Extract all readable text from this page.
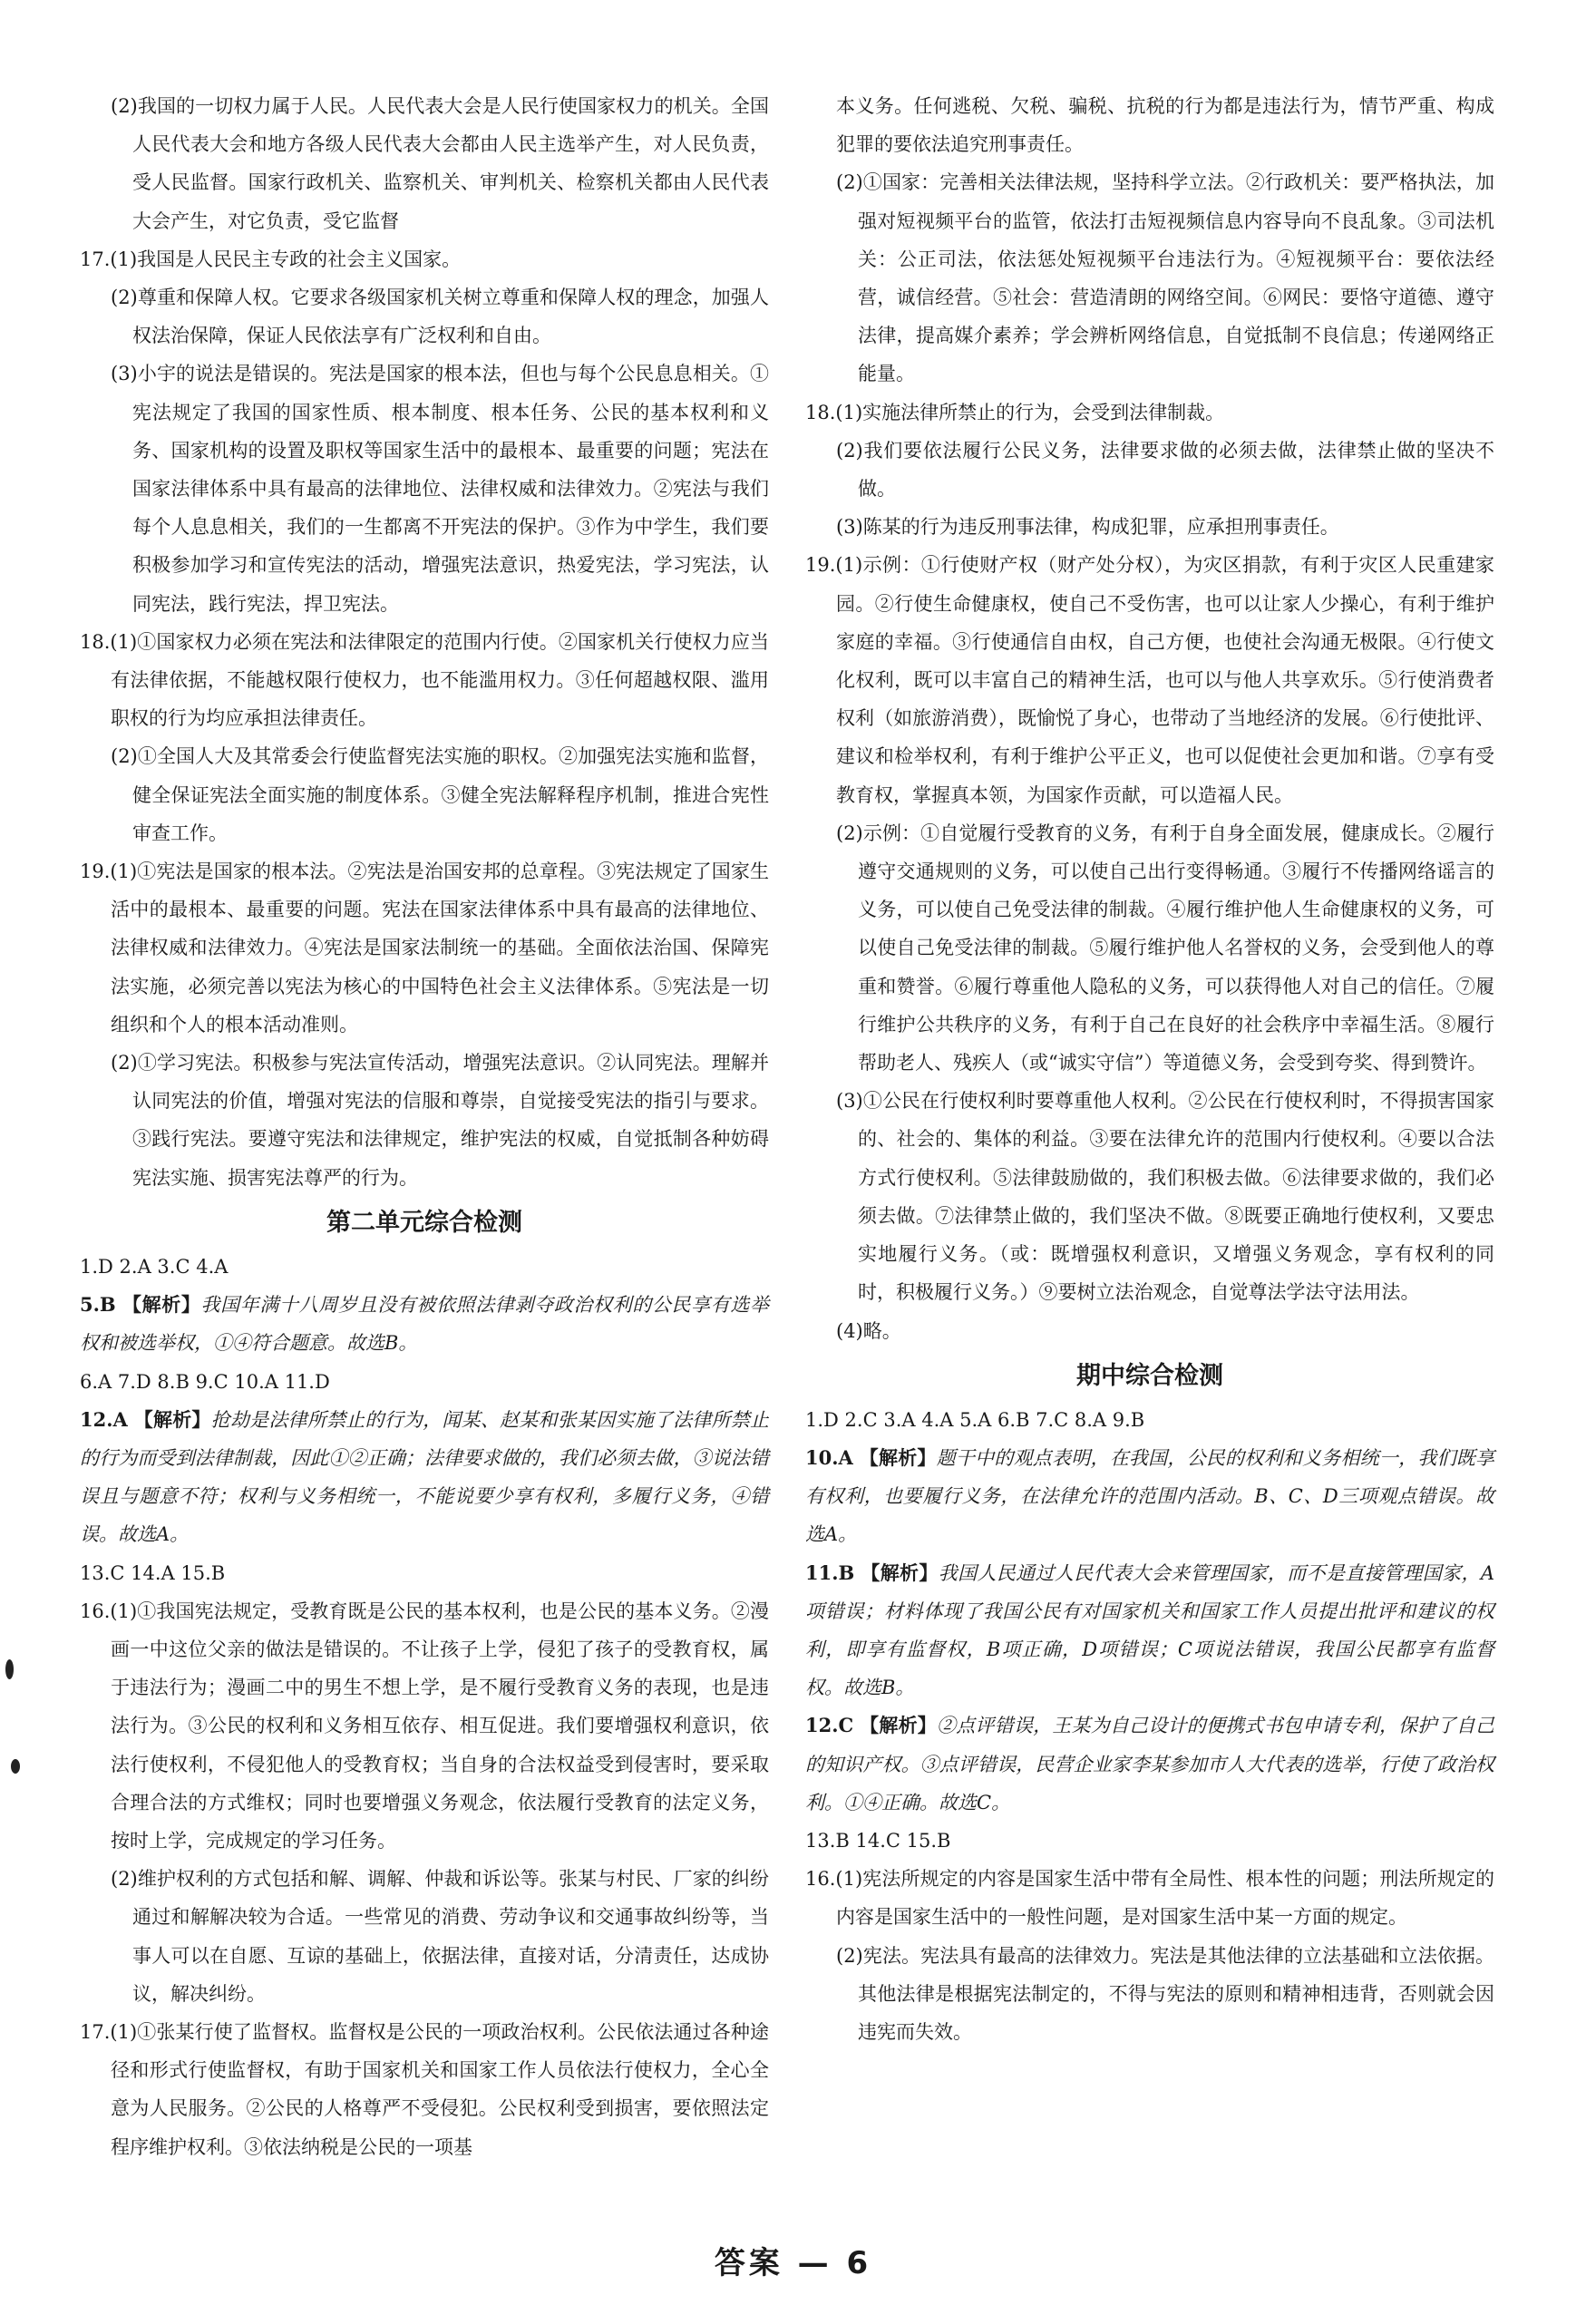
(2)我国的一切权力属于人民。人民代表大会是人民行使国家权力的机关。全国人民代表大会和地方各级人民代表大会都由人民主选举产生，对人民负责，受人民监督。国家行政机关、监察机关、审判机关、检察机关都由人民代表大会产生，对它负责，受它监督

17.(1)我国是人民民主专政的社会主义国家。

(2)尊重和保障人权。它要求各级国家机关树立尊重和保障人权的理念，加强人权法治保障，保证人民依法享有广泛权利和自由。

(3)小宇的说法是错误的。宪法是国家的根本法，但也与每个公民息息相关。①宪法规定了我国的国家性质、根本制度、根本任务、公民的基本权利和义务、国家机构的设置及职权等国家生活中的最根本、最重要的问题；宪法在国家法律体系中具有最高的法律地位、法律权威和法律效力。②宪法与我们每个人息息相关，我们的一生都离不开宪法的保护。③作为中学生，我们要积极参加学习和宣传宪法的活动，增强宪法意识，热爱宪法，学习宪法，认同宪法，践行宪法，捍卫宪法。

18.(1)①国家权力必须在宪法和法律限定的范围内行使。②国家机关行使权力应当有法律依据，不能越权限行使权力，也不能滥用权力。③任何超越权限、滥用职权的行为均应承担法律责任。

(2)①全国人大及其常委会行使监督宪法实施的职权。②加强宪法实施和监督，健全保证宪法全面实施的制度体系。③健全宪法解释程序机制，推进合宪性审查工作。

19.(1)①宪法是国家的根本法。②宪法是治国安邦的总章程。③宪法规定了国家生活中的最根本、最重要的问题。宪法在国家法律体系中具有最高的法律地位、法律权威和法律效力。④宪法是国家法制统一的基础。全面依法治国、保障宪法实施，必须完善以宪法为核心的中国特色社会主义法律体系。⑤宪法是一切组织和个人的根本活动准则。

(2)①学习宪法。积极参与宪法宣传活动，增强宪法意识。②认同宪法。理解并认同宪法的价值，增强对宪法的信服和尊崇，自觉接受宪法的指引与要求。③践行宪法。要遵守宪法和法律规定，维护宪法的权威，自觉抵制各种妨碍宪法实施、损害宪法尊严的行为。

第二单元综合检测

1.D 2.A 3.C 4.A

5.B 【解析】我国年满十八周岁且没有被依照法律剥夺政治权利的公民享有选举权和被选举权，①④符合题意。故选B。

6.A 7.D 8.B 9.C 10.A 11.D

12.A 【解析】抢劫是法律所禁止的行为，闻某、赵某和张某因实施了法律所禁止的行为而受到法律制裁，因此①②正确；法律要求做的，我们必须去做，③说法错误且与题意不符；权利与义务相统一，不能说要少享有权利，多履行义务，④错误。故选A。

13.C 14.A 15.B

16.(1)①我国宪法规定，受教育既是公民的基本权利，也是公民的基本义务。②漫画一中这位父亲的做法是错误的。不让孩子上学，侵犯了孩子的受教育权，属于违法行为；漫画二中的男生不想上学，是不履行受教育义务的表现，也是违法行为。③公民的权利和义务相互依存、相互促进。我们要增强权利意识，依法行使权利，不侵犯他人的受教育权；当自身的合法权益受到侵害时，要采取合理合法的方式维权；同时也要增强义务观念，依法履行受教育的法定义务，按时上学，完成规定的学习任务。

(2)维护权利的方式包括和解、调解、仲裁和诉讼等。张某与村民、厂家的纠纷通过和解解决较为合适。一些常见的消费、劳动争议和交通事故纠纷等，当事人可以在自愿、互谅的基础上，依据法律，直接对话，分清责任，达成协议，解决纠纷。

17.(1)①张某行使了监督权。监督权是公民的一项政治权利。公民依法通过各种途径和形式行使监督权，有助于国家机关和国家工作人员依法行使权力，全心全意为人民服务。②公民的人格尊严不受侵犯。公民权利受到损害，要依照法定程序维护权利。③依法纳税是公民的一项基

本义务。任何逃税、欠税、骗税、抗税的行为都是违法行为，情节严重、构成犯罪的要依法追究刑事责任。

(2)①国家：完善相关法律法规，坚持科学立法。②行政机关：要严格执法，加强对短视频平台的监管，依法打击短视频信息内容导向不良乱象。③司法机关：公正司法，依法惩处短视频平台违法行为。④短视频平台：要依法经营，诚信经营。⑤社会：营造清朗的网络空间。⑥网民：要恪守道德、遵守法律，提高媒介素养；学会辨析网络信息，自觉抵制不良信息；传递网络正能量。

18.(1)实施法律所禁止的行为，会受到法律制裁。

(2)我们要依法履行公民义务，法律要求做的必须去做，法律禁止做的坚决不做。

(3)陈某的行为违反刑事法律，构成犯罪，应承担刑事责任。

19.(1)示例：①行使财产权（财产处分权），为灾区捐款，有利于灾区人民重建家园。②行使生命健康权，使自己不受伤害，也可以让家人少操心，有利于维护家庭的幸福。③行使通信自由权，自己方便，也使社会沟通无极限。④行使文化权利，既可以丰富自己的精神生活，也可以与他人共享欢乐。⑤行使消费者权利（如旅游消费），既愉悦了身心，也带动了当地经济的发展。⑥行使批评、建议和检举权利，有利于维护公平正义，也可以促使社会更加和谐。⑦享有受教育权，掌握真本领，为国家作贡献，可以造福人民。

(2)示例：①自觉履行受教育的义务，有利于自身全面发展，健康成长。②履行遵守交通规则的义务，可以使自己出行变得畅通。③履行不传播网络谣言的义务，可以使自己免受法律的制裁。④履行维护他人生命健康权的义务，可以使自己免受法律的制裁。⑤履行维护他人名誉权的义务，会受到他人的尊重和赞誉。⑥履行尊重他人隐私的义务，可以获得他人对自己的信任。⑦履行维护公共秩序的义务，有利于自己在良好的社会秩序中幸福生活。⑧履行帮助老人、残疾人（或“诚实守信”）等道德义务，会受到夸奖、得到赞许。

(3)①公民在行使权利时要尊重他人权利。②公民在行使权利时，不得损害国家的、社会的、集体的利益。③要在法律允许的范围内行使权利。④要以合法方式行使权利。⑤法律鼓励做的，我们积极去做。⑥法律要求做的，我们必须去做。⑦法律禁止做的，我们坚决不做。⑧既要正确地行使权利，又要忠实地履行义务。（或：既增强权利意识，又增强义务观念，享有权利的同时，积极履行义务。）⑨要树立法治观念，自觉尊法学法守法用法。

(4)略。

期中综合检测

1.D 2.C 3.A 4.A 5.A 6.B 7.C 8.A 9.B

10.A 【解析】题干中的观点表明，在我国，公民的权利和义务相统一，我们既享有权利，也要履行义务，在法律允许的范围内活动。B、C、D三项观点错误。故选A。

11.B 【解析】我国人民通过人民代表大会来管理国家，而不是直接管理国家，A项错误；材料体现了我国公民有对国家机关和国家工作人员提出批评和建议的权利，即享有监督权，B项正确，D项错误；C项说法错误，我国公民都享有监督权。故选B。

12.C 【解析】②点评错误，王某为自己设计的便携式书包申请专利，保护了自己的知识产权。③点评错误，民营企业家李某参加市人大代表的选举，行使了政治权利。①④正确。故选C。

13.B 14.C 15.B

16.(1)宪法所规定的内容是国家生活中带有全局性、根本性的问题；刑法所规定的内容是国家生活中的一般性问题，是对国家生活中某一方面的规定。

(2)宪法。宪法具有最高的法律效力。宪法是其他法律的立法基础和立法依据。其他法律是根据宪法制定的，不得与宪法的原则和精神相违背，否则就会因违宪而失效。

答案 — 6
